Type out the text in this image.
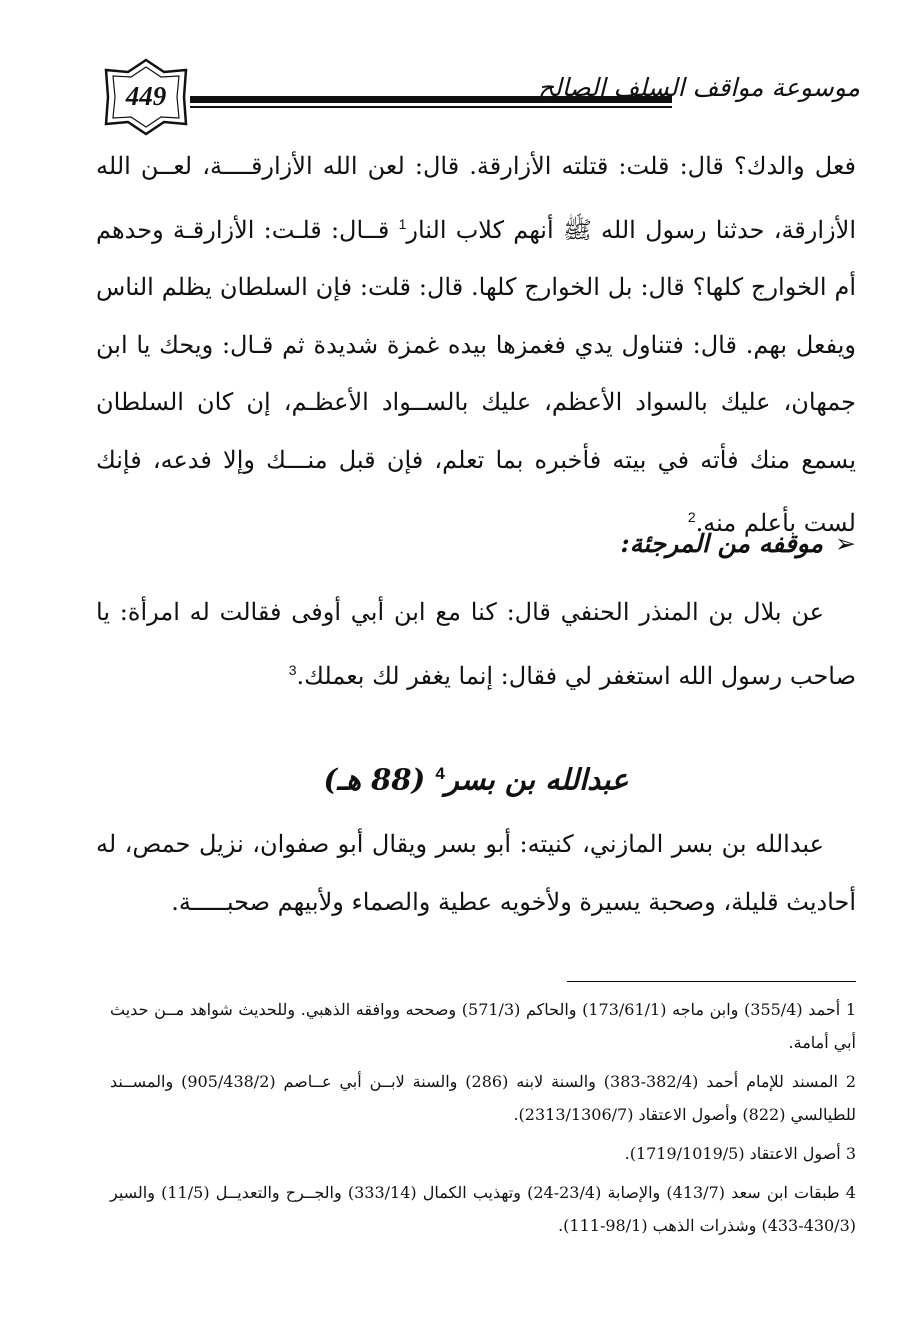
449	موسوعة مواقف السلف الصالح

فعل والدك؟ قال: قلت: قتلته الأزارقة. قال: لعن الله الأزارقــــة، لعــن الله الأزارقة، حدثنا رسول الله ﷺ أنهم كلاب النار$^1$ قــال: قلـت: الأزارقـة وحدهم أم الخوارج كلها؟ قال: بل الخوارج كلها. قال: قلت: فإن السلطان يظلم الناس ويفعل بهم. قال: فتناول يدي فغمزها بيده غمزة شديدة ثم قـال: ويحك يا ابن جمهان، عليك بالسواد الأعظم، عليك بالســواد الأعظـم، إن كان السلطان يسمع منك فأته في بيته فأخبره بما تعلم، فإن قبل منـــك وإلا فدعه، فإنك لست بأعلم منه.$^2$

➢موقفه من المرجئة:

عن بلال بن المنذر الحنفي قال: كنا مع ابن أبي أوفى فقالت له امرأة: يا صاحب رسول الله استغفر لي فقال: إنما يغفر لك بعملك.$^3$

عبدالله بن بسر$^4$ (88 هـ)

عبدالله بن بسر المازني، كنيته: أبو بسر ويقال أبو صفوان، نزيل حمص، له أحاديث قليلة، وصحبة يسيرة ولأخويه عطية والصماء ولأبيهم صحبـــــة.

1 أحمد (355/4) وابن ماجه (173/61/1) والحاكم (571/3) وصححه ووافقه الذهبي. وللحديث شواهد مــن حديث أبي أمامة.

2 المسند للإمام أحمد (382/4-383) والسنة لابنه (286) والسنة لابــن أبي عــاصم (905/438/2) والمســند للطيالسي (822) وأصول الاعتقاد (2313/1306/7).

3 أصول الاعتقاد (1719/1019/5).

4 طبقات ابن سعد (413/7) والإصابة (23/4-24) وتهذيب الكمال (333/14) والجــرح والتعديــل (11/5) والسير (430/3-433) وشذرات الذهب (98/1-111).
